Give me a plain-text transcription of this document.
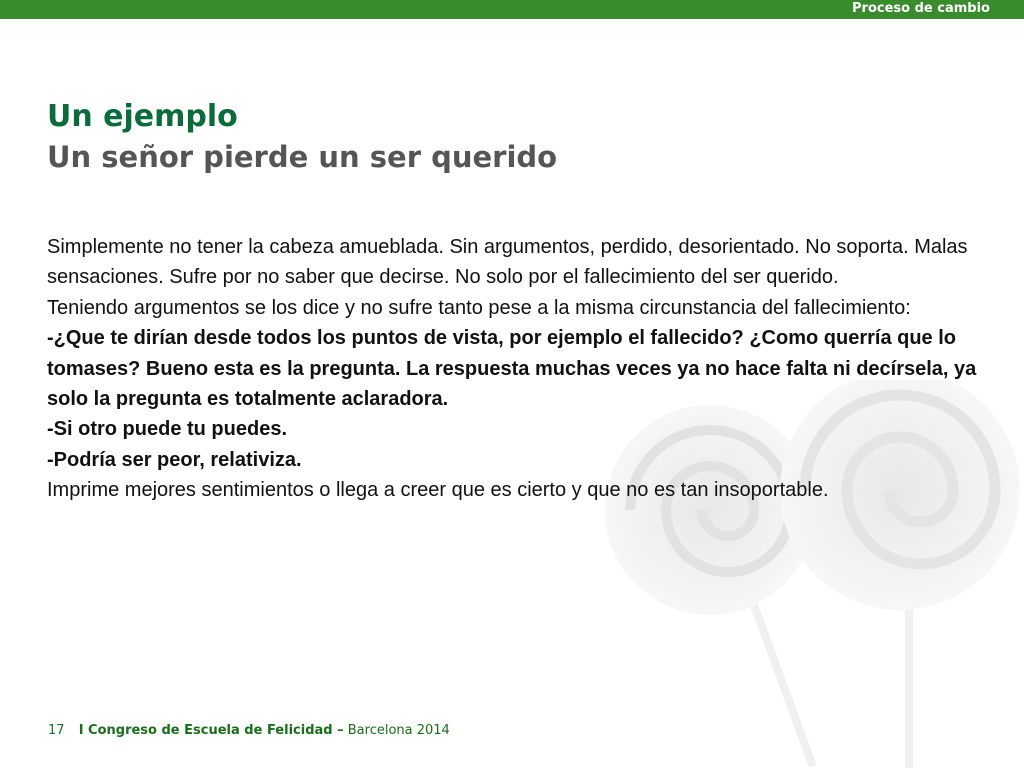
Proceso de cambio
Un ejemplo
Un señor pierde un ser querido

Simplemente no tener la cabeza amueblada. Sin argumentos, perdido, desorientado. No soporta. Malas sensaciones. Sufre por no saber que decirse. No solo por el fallecimiento del ser querido.

Teniendo argumentos se los dice y no sufre tanto pese a la misma circunstancia del fallecimiento:

-¿Que te dirían desde todos los puntos de vista, por ejemplo el fallecido? ¿Como querría que lo tomases? Bueno esta es la pregunta. La respuesta muchas veces ya no hace falta ni decírsela, ya solo la pregunta es totalmente aclaradora.

-Si otro puede tu puedes.

-Podría ser peor, relativiza.

Imprime mejores sentimientos o llega a creer que es cierto y que no es tan insoportable.

17 I Congreso de Escuela de Felicidad – Barcelona 2014
